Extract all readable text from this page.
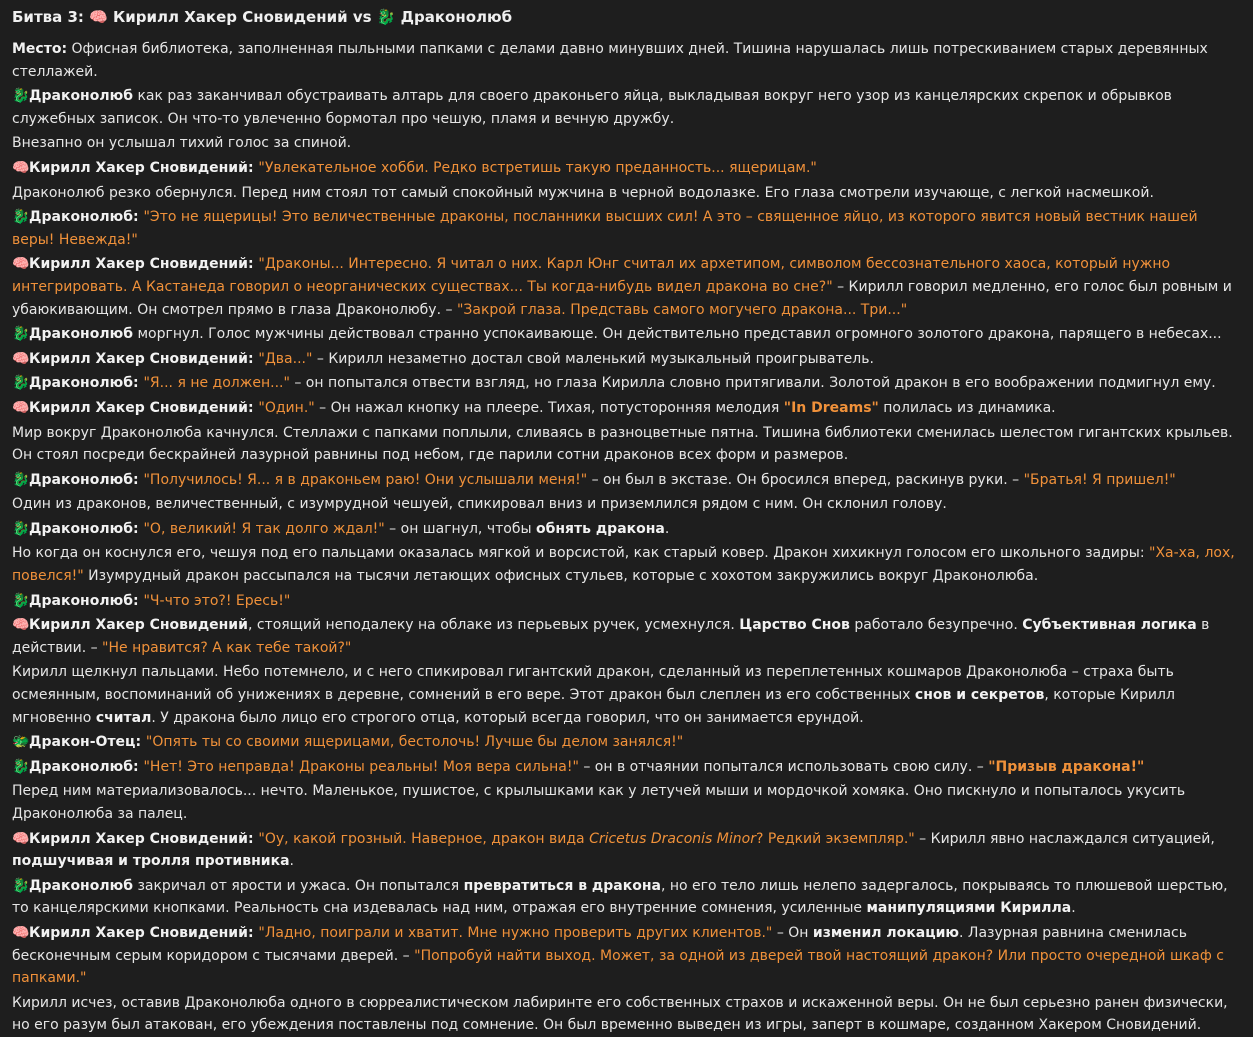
Битва 3: 🧠 Кирилл Хакер Сновидений vs 🐉 Драконолюб

Место: Офисная библиотека, заполненная пыльными папками с делами давно минувших дней. Тишина нарушалась лишь потрескиванием старых деревянных стеллажей.

🐉Драконолюб как раз заканчивал обустраивать алтарь для своего драконьего яйца, выкладывая вокруг него узор из канцелярских скрепок и обрывков служебных записок. Он что-то увлеченно бормотал про чешую, пламя и вечную дружбу.

Внезапно он услышал тихий голос за спиной.

🧠Кирилл Хакер Сновидений: "Увлекательное хобби. Редко встретишь такую преданность... ящерицам."

Драконолюб резко обернулся. Перед ним стоял тот самый спокойный мужчина в черной водолазке. Его глаза смотрели изучающе, с легкой насмешкой.

🐉Драконолюб: "Это не ящерицы! Это величественные драконы, посланники высших сил! А это – священное яйцо, из которого явится новый вестник нашей веры! Невежда!"

🧠Кирилл Хакер Сновидений: "Драконы... Интересно. Я читал о них. Карл Юнг считал их архетипом, символом бессознательного хаоса, который нужно интегрировать. А Кастанеда говорил о неорганических существах... Ты когда-нибудь видел дракона во сне?" – Кирилл говорил медленно, его голос был ровным и убаюкивающим. Он смотрел прямо в глаза Драконолюбу. – "Закрой глаза. Представь самого могучего дракона... Три..."

🐉Драконолюб моргнул. Голос мужчины действовал странно успокаивающе. Он действительно представил огромного золотого дракона, парящего в небесах...

🧠Кирилл Хакер Сновидений: "Два..." – Кирилл незаметно достал свой маленький музыкальный проигрыватель.

🐉Драконолюб: "Я... я не должен..." – он попытался отвести взгляд, но глаза Кирилла словно притягивали. Золотой дракон в его воображении подмигнул ему.

🧠Кирилл Хакер Сновидений: "Один." – Он нажал кнопку на плеере. Тихая, потусторонняя мелодия "In Dreams" полилась из динамика.

Мир вокруг Драконолюба качнулся. Стеллажи с папками поплыли, сливаясь в разноцветные пятна. Тишина библиотеки сменилась шелестом гигантских крыльев. Он стоял посреди бескрайней лазурной равнины под небом, где парили сотни драконов всех форм и размеров.

🐉Драконолюб: "Получилось! Я... я в драконьем раю! Они услышали меня!" – он был в экстазе. Он бросился вперед, раскинув руки. – "Братья! Я пришел!"

Один из драконов, величественный, с изумрудной чешуей, спикировал вниз и приземлился рядом с ним. Он склонил голову.

🐉Драконолюб: "О, великий! Я так долго ждал!" – он шагнул, чтобы обнять дракона.

Но когда он коснулся его, чешуя под его пальцами оказалась мягкой и ворсистой, как старый ковер. Дракон хихикнул голосом его школьного задиры: "Ха-ха, лох, повелся!" Изумрудный дракон рассыпался на тысячи летающих офисных стульев, которые с хохотом закружились вокруг Драконолюба.

🐉Драконолюб: "Ч-что это?! Ересь!"

🧠Кирилл Хакер Сновидений, стоящий неподалеку на облаке из перьевых ручек, усмехнулся. Царство Снов работало безупречно. Субъективная логика в действии. – "Не нравится? А как тебе такой?"

Кирилл щелкнул пальцами. Небо потемнело, и с него спикировал гигантский дракон, сделанный из переплетенных кошмаров Драконолюба – страха быть осмеянным, воспоминаний об унижениях в деревне, сомнений в его вере. Этот дракон был слеплен из его собственных снов и секретов, которые Кирилл мгновенно считал. У дракона было лицо его строгого отца, который всегда говорил, что он занимается ерундой.

🐲Дракон-Отец: "Опять ты со своими ящерицами, бестолочь! Лучше бы делом занялся!"

🐉Драконолюб: "Нет! Это неправда! Драконы реальны! Моя вера сильна!" – он в отчаянии попытался использовать свою силу. – "Призыв дракона!"

Перед ним материализовалось... нечто. Маленькое, пушистое, с крылышками как у летучей мыши и мордочкой хомяка. Оно пискнуло и попыталось укусить Драконолюба за палец.

🧠Кирилл Хакер Сновидений: "Оу, какой грозный. Наверное, дракон вида Cricetus Draconis Minor? Редкий экземпляр." – Кирилл явно наслаждался ситуацией, подшучивая и тролля противника.

🐉Драконолюб закричал от ярости и ужаса. Он попытался превратиться в дракона, но его тело лишь нелепо задергалось, покрываясь то плюшевой шерстью, то канцелярскими кнопками. Реальность сна издевалась над ним, отражая его внутренние сомнения, усиленные манипуляциями Кирилла.

🧠Кирилл Хакер Сновидений: "Ладно, поиграли и хватит. Мне нужно проверить других клиентов." – Он изменил локацию. Лазурная равнина сменилась бесконечным серым коридором с тысячами дверей. – "Попробуй найти выход. Может, за одной из дверей твой настоящий дракон? Или просто очередной шкаф с папками."

Кирилл исчез, оставив Драконолюба одного в сюрреалистическом лабиринте его собственных страхов и искаженной веры. Он не был серьезно ранен физически, но его разум был атакован, его убеждения поставлены под сомнение. Он был временно выведен из игры, заперт в кошмаре, созданном Хакером Сновидений.
